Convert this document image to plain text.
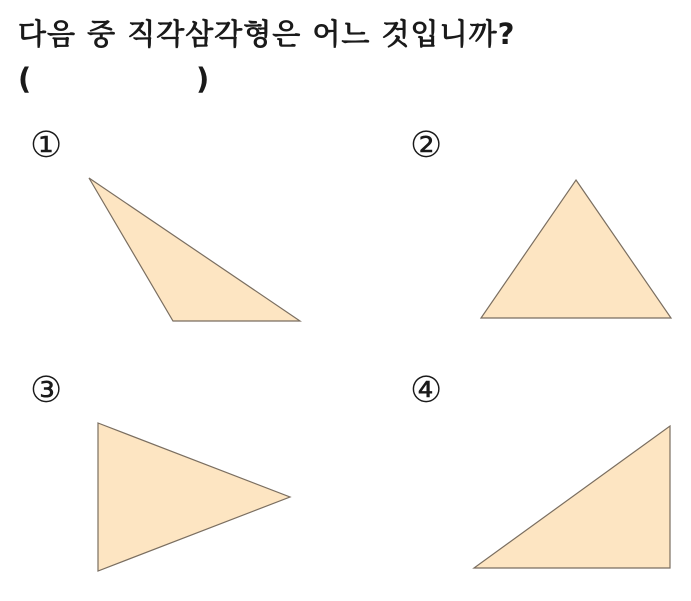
다음 중 직각삼각형은 어느 것입니까?
(	)
①	②
③	④
